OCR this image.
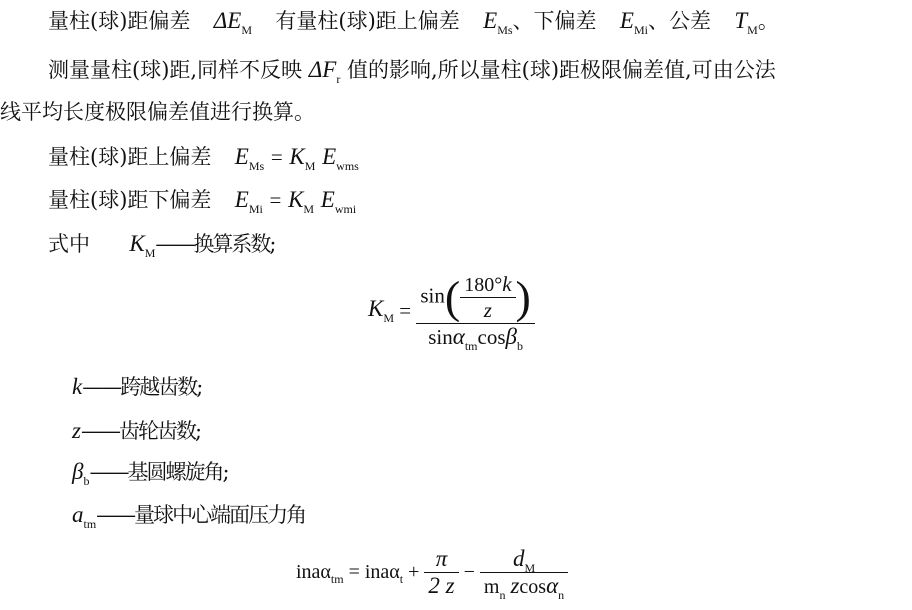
量柱(球)距偏差 $\Delta E_M$ 有量柱(球)距上偏差 $E_{Ms}$、下偏差 $E_{Mi}$、公差 $T_M$。
测量量柱(球)距,同样不反映 $\Delta F_r$ 值的影响,所以量柱(球)距极限偏差值,可由公法
线平均长度极限偏差值进行换算。
量柱(球)距上偏差 $E_{Ms} = K_M$ $E_{wms}$
量柱(球)距下偏差 $E_{Mi} = K_M$ $E_{wmi}$
式中 $K_M——$换算系数;
$K_M = \frac{\sin( \frac{180^\circ k}{z} )}{\sin\alpha_{tm}\cos\beta_b}$
k——跨越齿数;
z——齿轮齿数;
$\beta_b——$基圆螺旋角;
$a_{tm}——$量球中心端面压力角
$ina\alpha_{tm} = ina\alpha_t + \frac{\pi}{2 z} - \frac{d_M}{m_n zcos\alpha_n}$
